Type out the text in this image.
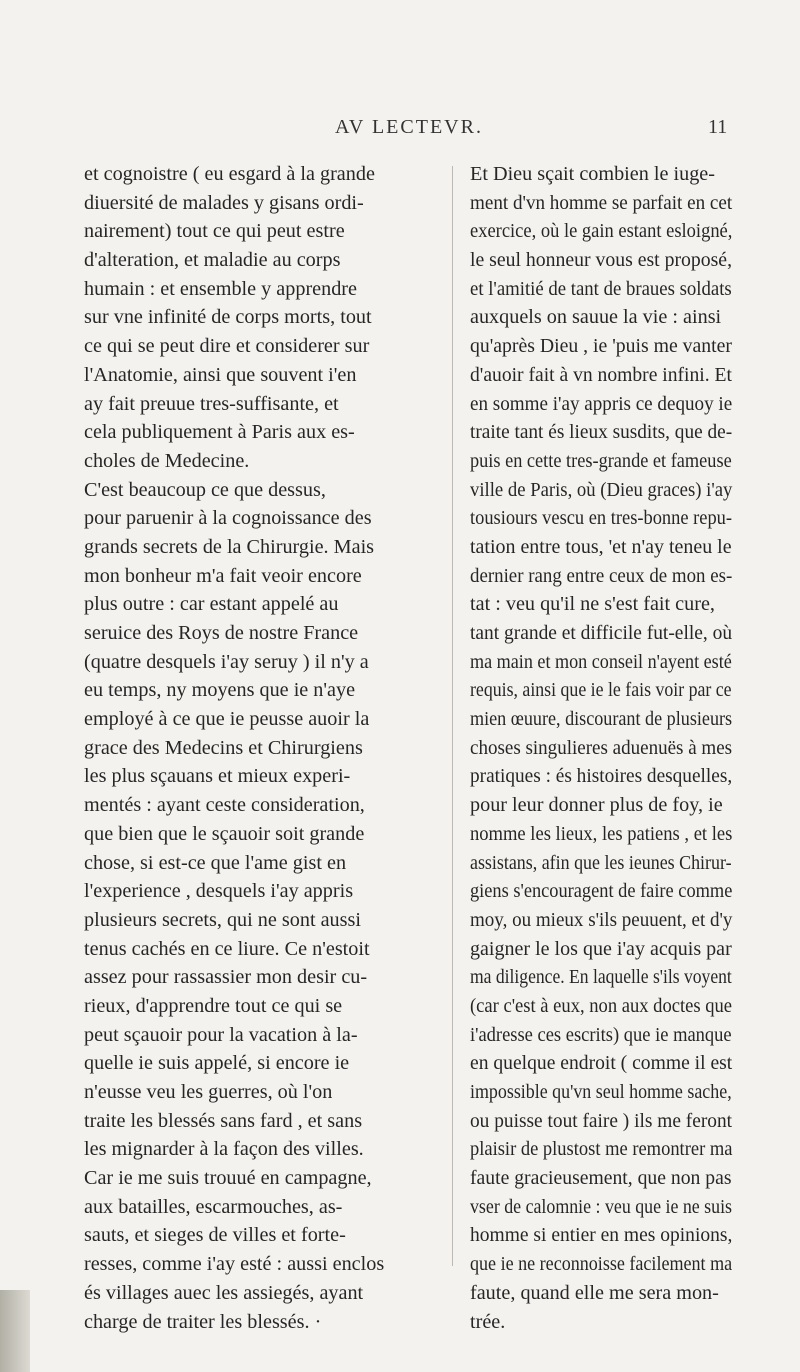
AV LECTEVR.	11
et cognoistre ( eu esgard à la grande
diuersité de malades y gisans ordi-
nairement) tout ce qui peut estre
d'alteration, et maladie au corps
humain : et ensemble y apprendre
sur vne infinité de corps morts, tout
ce qui se peut dire et considerer sur
l'Anatomie, ainsi que souvent i'en
ay fait preuue tres-suffisante, et
cela publiquement à Paris aux es-
choles de Medecine.
C'est beaucoup ce que dessus,
pour paruenir à la cognoissance des
grands secrets de la Chirurgie. Mais
mon bonheur m'a fait veoir encore
plus outre : car estant appelé au
seruice des Roys de nostre France
(quatre desquels i'ay seruy ) il n'y a
eu temps, ny moyens que ie n'aye
employé à ce que ie peusse auoir la
grace des Medecins et Chirurgiens
les plus sçauans et mieux experi-
mentés : ayant ceste consideration,
que bien que le sçauoir soit grande
chose, si est-ce que l'ame gist en
l'experience , desquels i'ay appris
plusieurs secrets, qui ne sont aussi
tenus cachés en ce liure. Ce n'estoit
assez pour rassassier mon desir cu-
rieux, d'apprendre tout ce qui se
peut sçauoir pour la vacation à la-
quelle ie suis appelé, si encore ie
n'eusse veu les guerres, où l'on
traite les blessés sans fard , et sans
les mignarder à la façon des villes.
Car ie me suis trouué en campagne,
aux batailles, escarmouches, as-
sauts, et sieges de villes et forte-
resses, comme i'ay esté : aussi enclos
és villages auec les assiegés, ayant
charge de traiter les blessés. ·
Et Dieu sçait combien le iuge-
ment d'vn homme se parfait en cet
exercice, où le gain estant esloigné,
le seul honneur vous est proposé,
et l'amitié de tant de braues soldats
auxquels on sauue la vie : ainsi
qu'après Dieu , ie 'puis me vanter
d'auoir fait à vn nombre infini. Et
en somme i'ay appris ce dequoy ie
traite tant és lieux susdits, que de-
puis en cette tres-grande et fameuse
ville de Paris, où (Dieu graces) i'ay
tousiours vescu en tres-bonne repu-
tation entre tous, 'et n'ay teneu le
dernier rang entre ceux de mon es-
tat : veu qu'il ne s'est fait cure,
tant grande et difficile fut-elle, où
ma main et mon conseil n'ayent esté
requis, ainsi que ie le fais voir par ce
mien œuure, discourant de plusieurs
choses singulieres aduenuës à mes
pratiques : és histoires desquelles,
pour leur donner plus de foy, ie
nomme les lieux, les patiens , et les
assistans, afin que les ieunes Chirur-
giens s'encouragent de faire comme
moy, ou mieux s'ils peuuent, et d'y
gaigner le los que i'ay acquis par
ma diligence. En laquelle s'ils voyent
(car c'est à eux, non aux doctes que
i'adresse ces escrits) que ie manque
en quelque endroit ( comme il est
impossible qu'vn seul homme sache,
ou puisse tout faire ) ils me feront
plaisir de plustost me remontrer ma
faute gracieusement, que non pas
vser de calomnie : veu que ie ne suis
homme si entier en mes opinions,
que ie ne reconnoisse facilement ma
faute, quand elle me sera mon-
trée.
